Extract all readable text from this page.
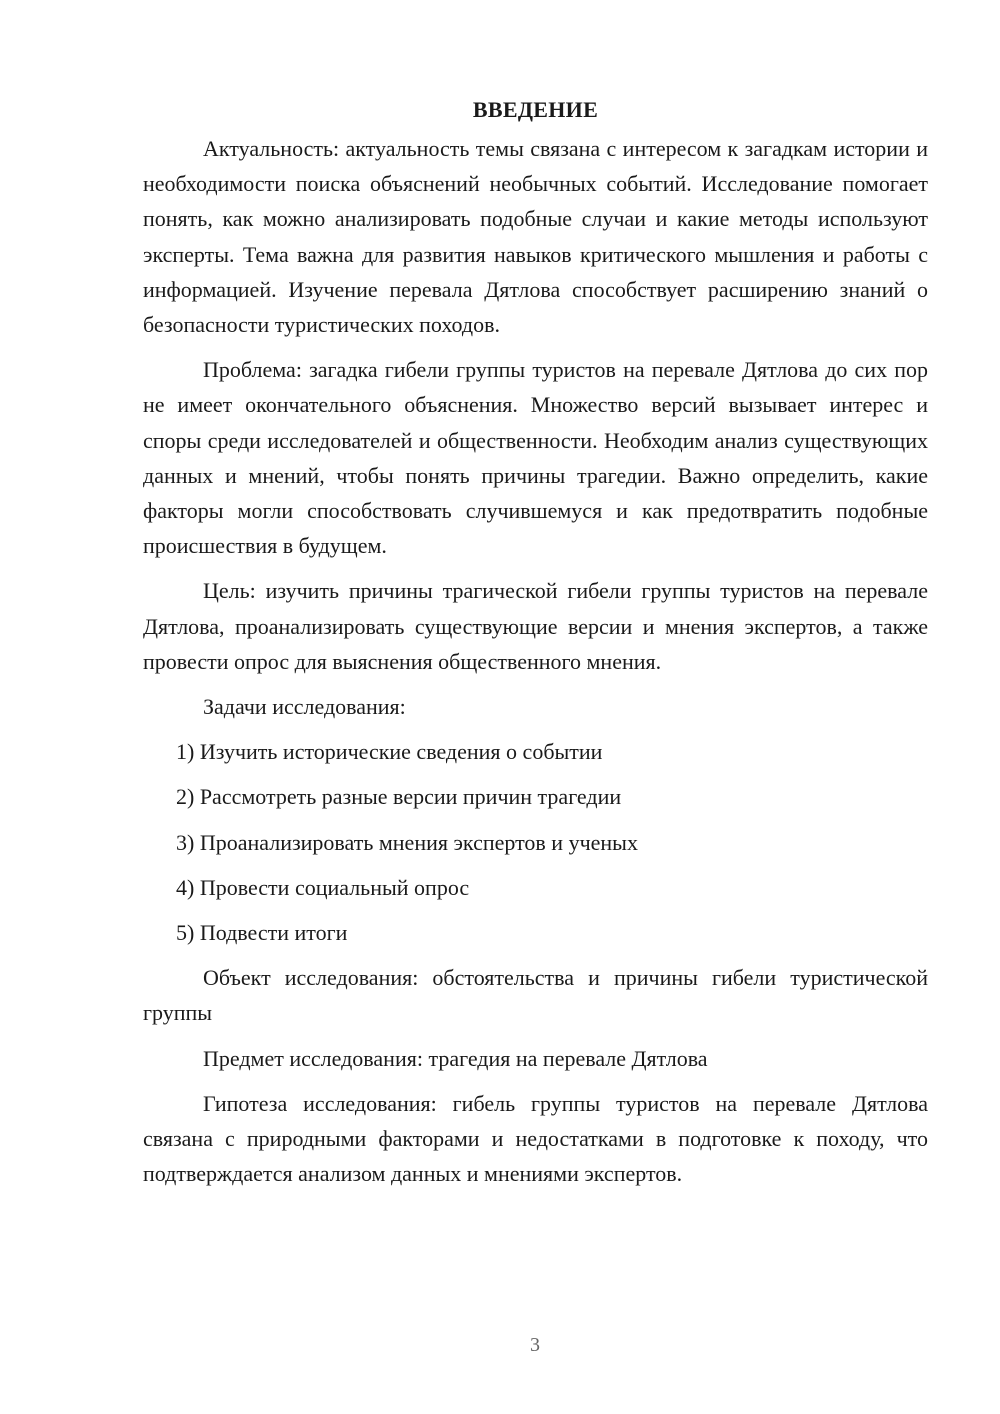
ВВЕДЕНИЕ

Актуальность: актуальность темы связана с интересом к загадкам истории и необходимости поиска объяснений необычных событий. Исследование помогает понять, как можно анализировать подобные случаи и какие методы используют эксперты. Тема важна для развития навыков критического мышления и работы с информацией. Изучение перевала Дятлова способствует расширению знаний о безопасности туристических походов.

Проблема: загадка гибели группы туристов на перевале Дятлова до сих пор не имеет окончательного объяснения. Множество версий вызывает интерес и споры среди исследователей и общественности. Необходим анализ существующих данных и мнений, чтобы понять причины трагедии. Важно определить, какие факторы могли способствовать случившемуся и как предотвратить подобные происшествия в будущем.

Цель: изучить причины трагической гибели группы туристов на перевале Дятлова, проанализировать существующие версии и мнения экспертов, а также провести опрос для выяснения общественного мнения.

Задачи исследования:

1) Изучить исторические сведения о событии
2) Рассмотреть разные версии причин трагедии
3) Проанализировать мнения экспертов и ученых
4) Провести социальный опрос
5) Подвести итоги

Объект исследования: обстоятельства и причины гибели туристической группы

Предмет исследования: трагедия на перевале Дятлова

Гипотеза исследования: гибель группы туристов на перевале Дятлова связана с природными факторами и недостатками в подготовке к походу, что подтверждается анализом данных и мнениями экспертов.

3
